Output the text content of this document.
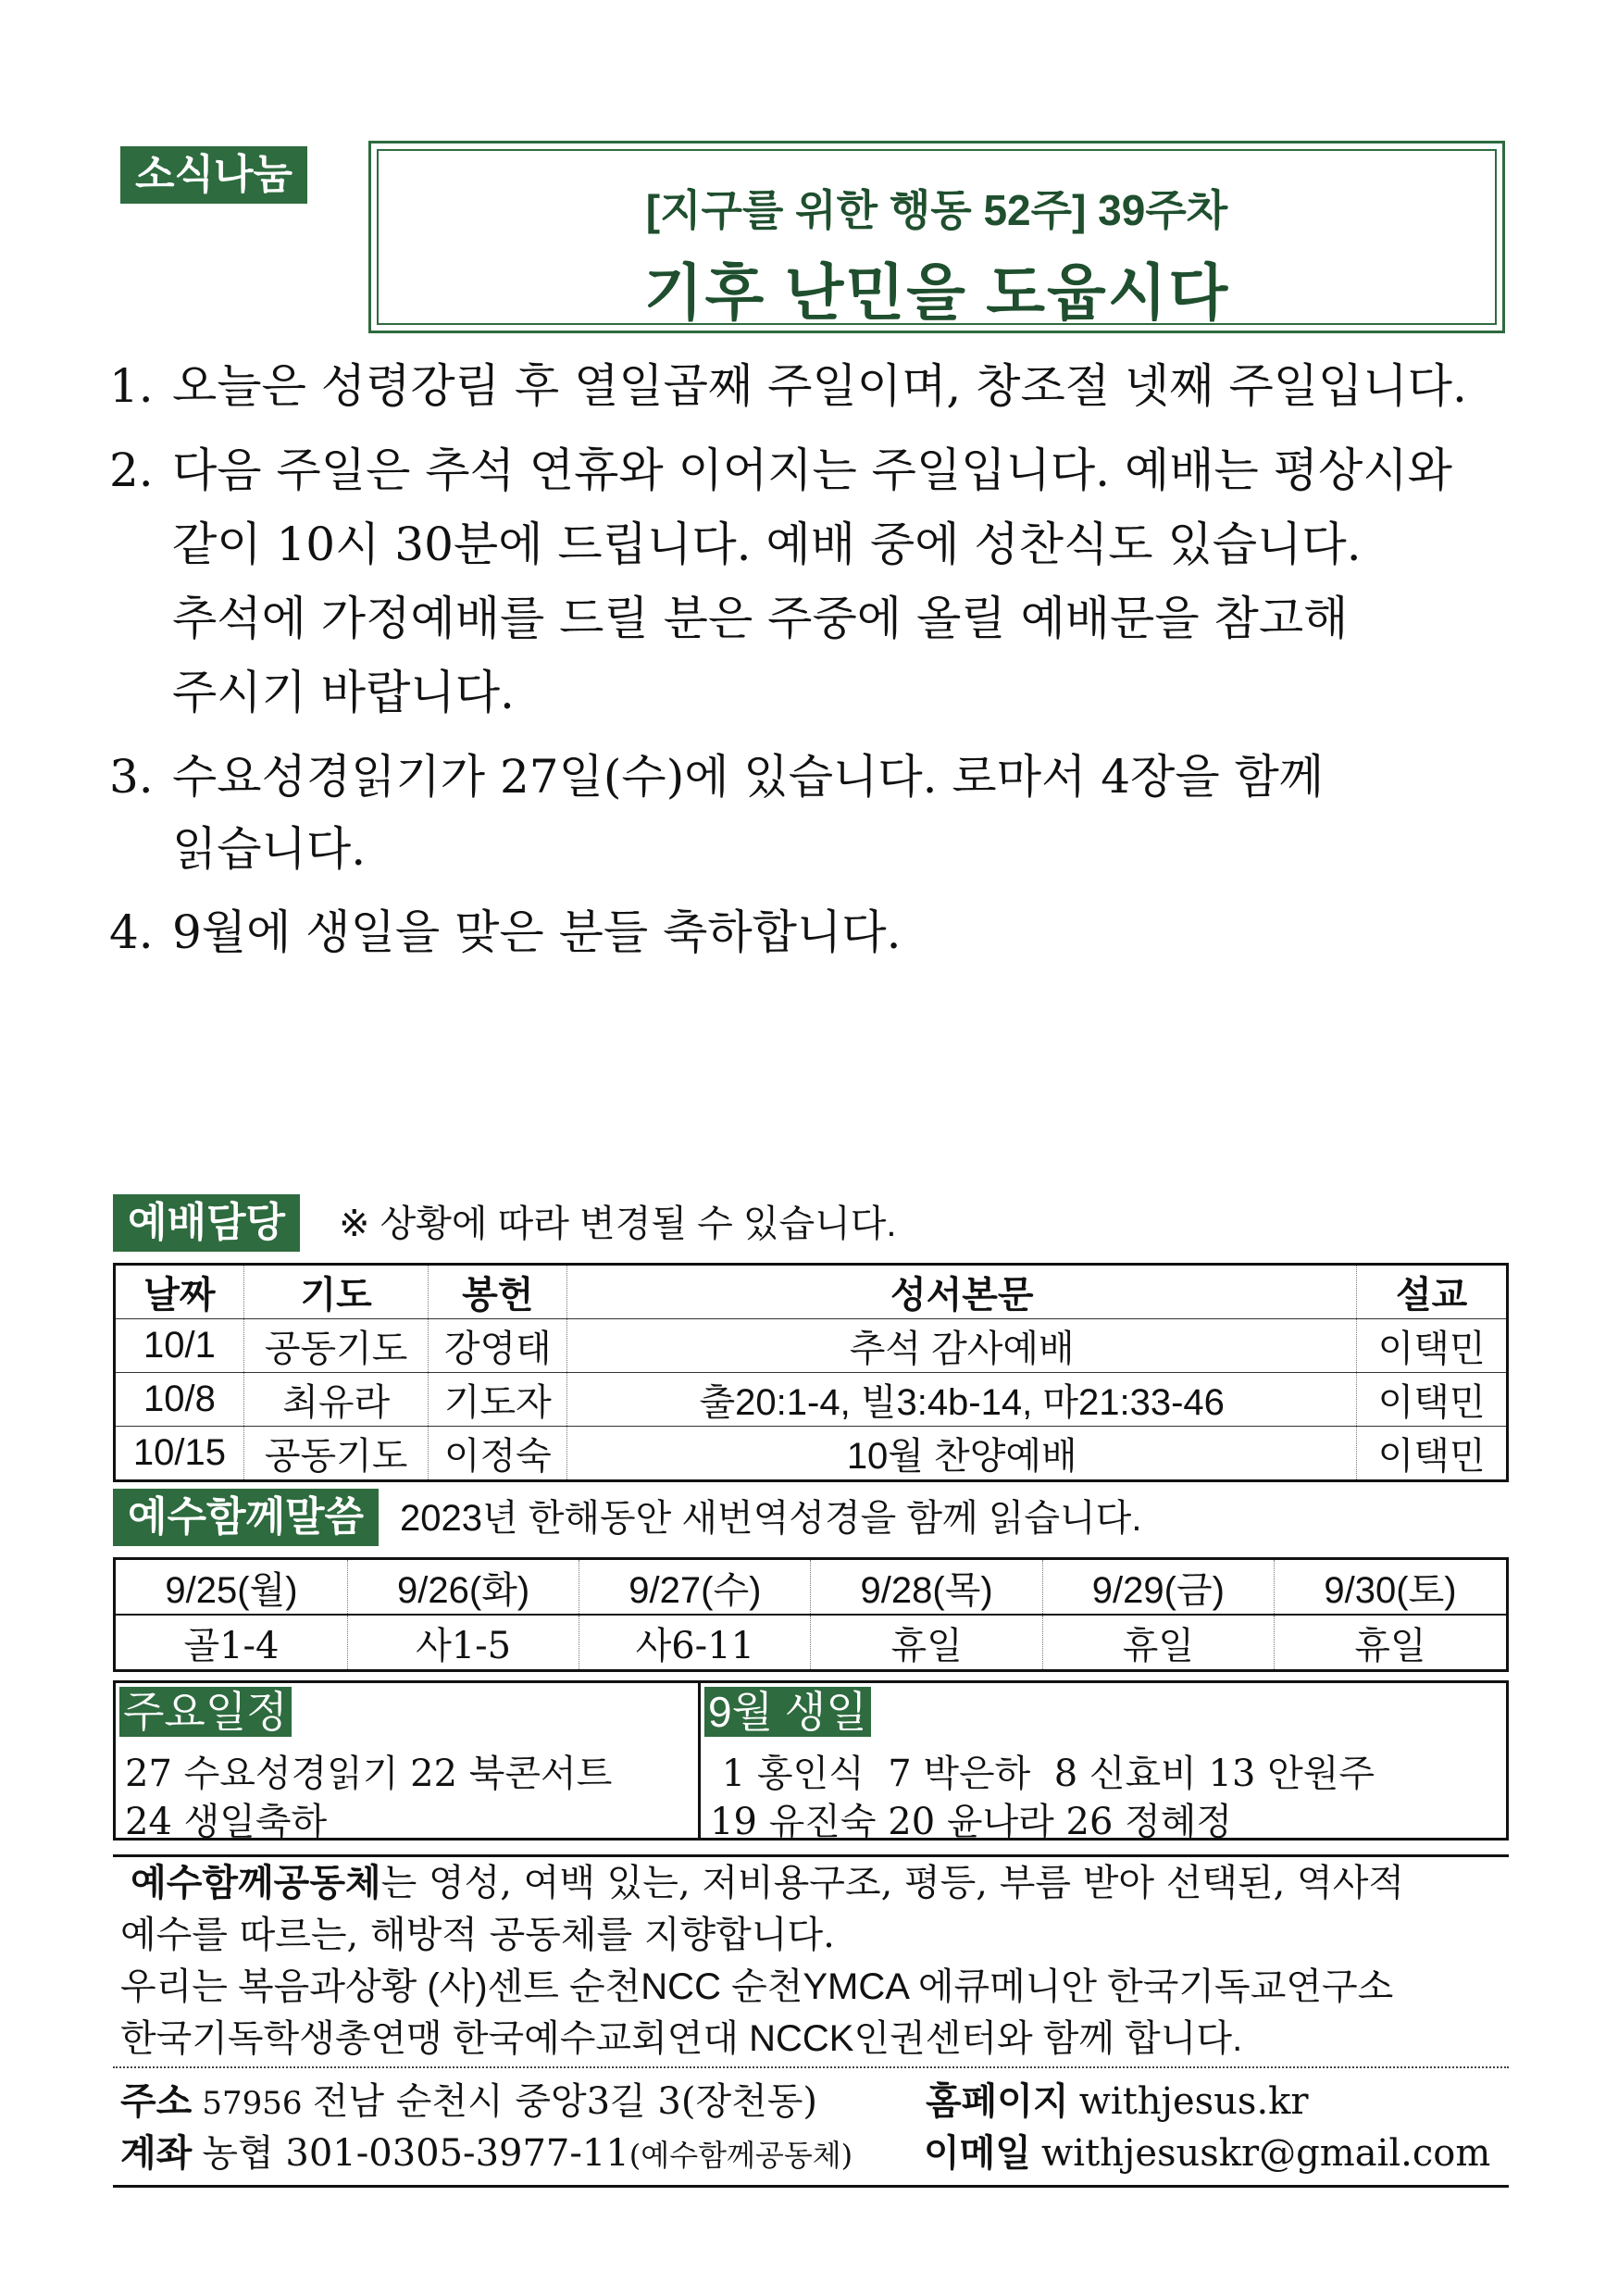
소식나눔
[지구를 위한 행동 52주] 39주차
기후 난민을 도웁시다
1. 오늘은 성령강림 후 열일곱째 주일이며, 창조절 넷째 주일입니다.
2. 다음 주일은 추석 연휴와 이어지는 주일입니다. 예배는 평상시와
같이 10시 30분에 드립니다. 예배 중에 성찬식도 있습니다.
추석에 가정예배를 드릴 분은 주중에 올릴 예배문을 참고해
주시기 바랍니다.
3. 수요성경읽기가 27일(수)에 있습니다. 로마서 4장을 함께
읽습니다.
4. 9월에 생일을 맞은 분들 축하합니다.
예배담당	※ 상황에 따라 변경될 수 있습니다.
날짜	기도	봉헌	성서본문	설교
10/1	공동기도	강영태	추석 감사예배	이택민
10/8	최유라	기도자	출20:1-4, 빌3:4b-14, 마21:33-46	이택민
10/15	공동기도	이정숙	10월 찬양예배	이택민
예수함께말씀 2023년 한해동안 새번역성경을 함께 읽습니다.
9/25(월)	9/26(화)	9/27(수)	9/28(목)	9/29(금)	9/30(토)
골1-4	사1-5	사6-11	휴일	휴일	휴일
주요일정
27 수요성경읽기 22 북콘서트
24 생일축하
9월 생일
1 홍인식  7 박은하  8 신효비 13 안원주
19 유진숙 20 윤나라 26 정혜정
예수함께공동체는 영성, 여백 있는, 저비용구조, 평등, 부름 받아 선택된, 역사적
예수를 따르는, 해방적 공동체를 지향합니다.
우리는 복음과상황 (사)센트 순천NCC 순천YMCA 에큐메니안 한국기독교연구소
한국기독학생총연맹 한국예수교회연대 NCCK인권센터와 함께 합니다.
주소 57956 전남 순천시 중앙3길 3(장천동)	홈페이지 withjesus.kr
계좌 농협 301-0305-3977-11(예수함께공동체) 이메일 withjesuskr@gmail.com
